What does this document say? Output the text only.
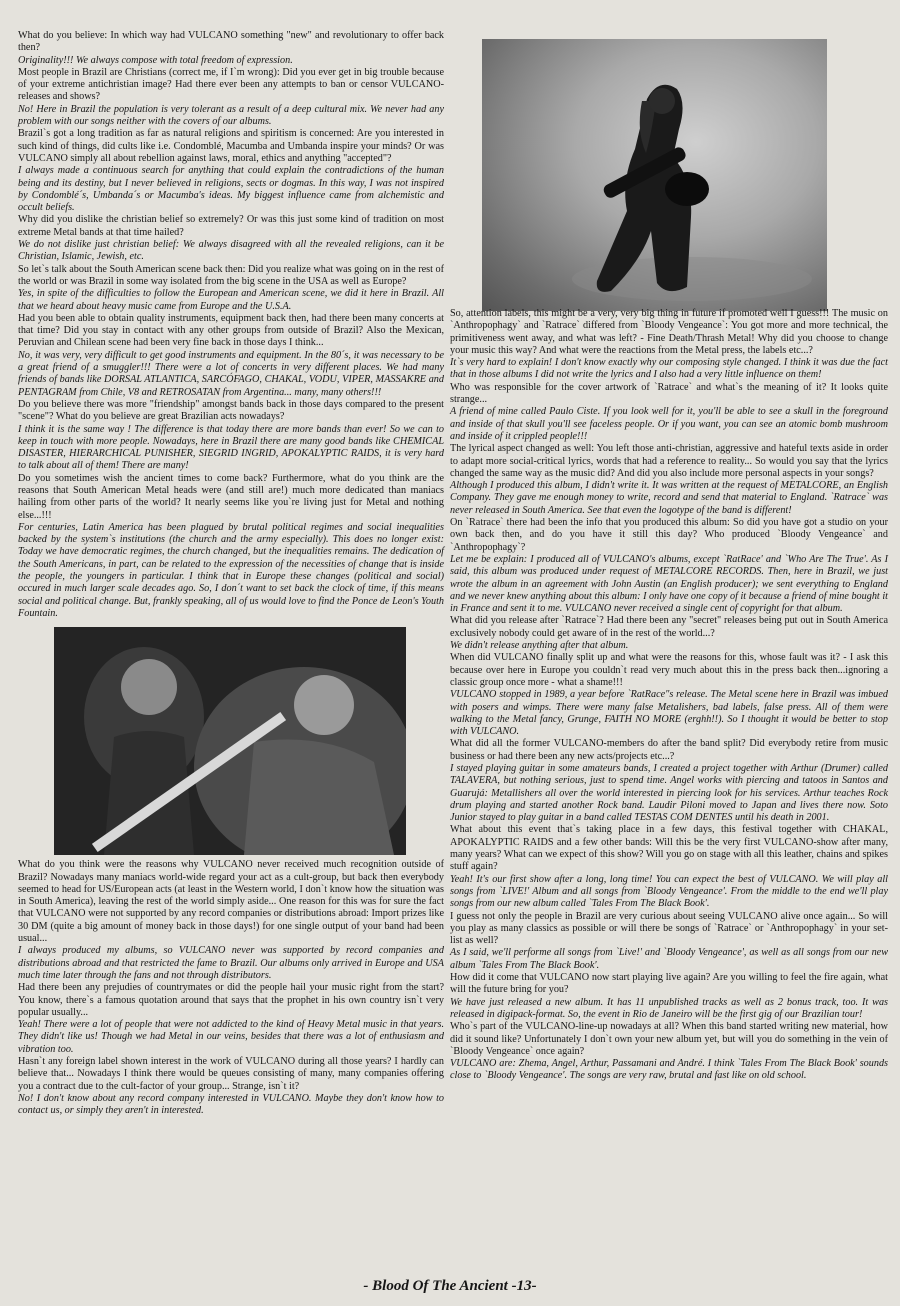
What do you believe: In which way had VULCANO something "new" and revolutionary to offer back then?

Originality!!! We always compose with total freedom of expression.

Most people in Brazil are Christians (correct me, if I`m wrong): Did you ever get in big trouble because of your extreme antichristian image? Had there ever been any attempts to ban or censor VULCANO-releases and shows?

No! Here in Brazil the population is very tolerant as a result of a deep cultural mix. We never had any problem with our songs neither with the covers of our albums.

Brazil`s got a long tradition as far as natural religions and spiritism is concerned: Are you interested in such kind of things, did cults like i.e. Condomblé, Macumba and Umbanda inspire your minds? Or was VULCANO simply all about rebellion against laws, moral, ethics and anything "accepted"?

I always made a continuous search for anything that could explain the contradictions of the human being and its destiny, but I never believed in religions, sects or dogmas. In this way, I was not inspired by Condomblé´s, Umbanda´s or Macumba's ideas. My biggest influence came from alchemistic and occult beliefs.

Why did you dislike the christian belief so extremely? Or was this just some kind of tradition on most extreme Metal bands at that time hailed?

We do not dislike just christian belief: We always disagreed with all the revealed religions, can it be Christian, Islamic, Jewish, etc.

So let`s talk about the South American scene back then: Did you realize what was going on in the rest of the world or was Brazil in some way isolated from the big scene in the USA as well as Europe?

Yes, in spite of the difficulties to follow the European and American scene, we did it here in Brazil. All that we heard about heavy music came from Europe and the U.S.A.

Had you been able to obtain quality instruments, equipment back then, had there been many concerts at that time? Did you stay in contact with any other groups from outside of Brazil? Also the Mexican, Peruvian and Chilean scene had been very fine back in those days I think...

No, it was very, very difficult to get good instruments and equipment. In the 80´s, it was necessary to be a great friend of a smuggler!!! There were a lot of concerts in very different places. We had many friends of bands like DORSAL ATLANTICA, SARCÓFAGO, CHAKAL, VODU, VIPER, MASSAKRE and PENTAGRAM from Chile, V8 and RETROSATAN from Argentina... many, many others!!!

Do you believe there was more "friendship" amongst bands back in those days compared to the present "scene"? What do you believe are great Brazilian acts nowadays?

I think it is the same way ! The difference is that today there are more bands than ever! So we can to keep in touch with more people. Nowadays, here in Brazil there are many good bands like CHEMICAL DISASTER, HIERARCHICAL PUNISHER, SIEGRID INGRID, APOKALYPTIC RAIDS, it is very hard to talk about all of them! There are many!

Do you sometimes wish the ancient times to come back? Furthermore, what do you think are the reasons that South American Metal heads were (and still are!) much more dedicated than maniacs hailing from other parts of the world? It nearly seems like you`re living just for Metal and nothing else...!!!

For centuries, Latin America has been plagued by brutal political regimes and social inequalities backed by the system`s institutions (the church and the army especially). This does no longer exist: Today we have democratic regimes, the church changed, but the inequalities remains. The dedication of the South Americans, in part, can be related to the expression of the necessities of change that is inside the people, the youngers in particular. I think that in Europe these changes (political and social) occured in much larger scale decades ago. So, I don´t want to set back the clock of time, if this means social and political change. But, frankly speaking, all of us would love to find the Ponce de Leon's Youth Fountain.

What do you think were the reasons why VULCANO never received much recognition outside of Brazil? Nowadays many maniacs world-wide regard your act as a cult-group, but back then everybody seemed to head for US/European acts (at least in the Western world, I don`t know how the situation was in South America), leaving the rest of the world simply aside... One reason for this was for sure the fact that VULCANO were not supported by any record companies or distributions abroad: Import prizes like 30 DM (quite a big amount of money back in those days!) for one single output of your band had been usual...

I always produced my albums, so VULCANO never was supported by record companies and distributions abroad and that restricted the fame to Brazil. Our albums only arrived in Europe and USA much time later through the fans and not through distributors.

Had there been any prejudies of countrymates or did the people hail your music right from the start? You know, there`s a famous quotation around that says that the prophet in his own country isn`t very popular usually...

Yeah! There were a lot of people that were not addicted to the kind of Heavy Metal music in that years. They didn't like us! Though we had Metal in our veins, besides that there was a lot of enthusiasm and vibration too.

Hasn`t any foreign label shown interest in the work of VULCANO during all those years? I hardly can believe that... Nowadays I think there would be queues consisting of many, many companies offering you a contract due to the cult-factor of your group... Strange, isn`t it?

No! I don't know about any record company interested in VULCANO. Maybe they don't know how to contact us, or simply they aren't in interested.

So, attention labels, this might be a very, very big thing in future if promoted well I guess!!! The music on `Anthropophagy` and `Ratrace` differed from `Bloody Vengeance`: You got more and more technical, the primitiveness went away, and what was left? - Fine Death/Thrash Metal! Why did you choose to change your music this way? And what were the reactions from the Metal press, the labels etc...?

It`s very hard to explain! I don't know exactly why our composing style changed. I think it was due the fact that in those albums I did not write the lyrics and I also had a very little influence on them!

Who was responsible for the cover artwork of `Ratrace` and what`s the meaning of it? It looks quite strange...

A friend of mine called Paulo Ciste. If you look well for it, you'll be able to see a skull in the foreground and inside of that skull you'll see faceless people. Or if you want, you can see an atomic bomb mushroom and inside of it crippled people!!!

The lyrical aspect changed as well: You left those anti-christian, aggressive and hateful texts aside in order to adapt more social-critical lyrics, words that had a reference to reality... So would you say that the lyrics changed the same way as the music did? And did you also include more personal aspects in your songs?

Although I produced this album, I didn't write it. It was written at the request of METALCORE, an English Company. They gave me enough money to write, record and send that material to England. `Ratrace` was never released in South America. See that even the logotype of the band is different!

On `Ratrace` there had been the info that you produced this album: So did you have got a studio on your own back then, and do you have it still this day? Who produced `Bloody Vengeance` and `Anthropophagy`?

Let me be explain: I produced all of VULCANO's albums, except `RatRace' and `Who Are The True'. As I said, this album was produced under request of METALCORE RECORDS. Then, here in Brazil, we just wrote the album in an agreement with John Austin (an English producer); we sent everything to England and we never knew anything about this album: I only have one copy of it because a friend of mine bought it in France and sent it to me. VULCANO never received a single cent of copyright for that album.

What did you release after `Ratrace`? Had there been any "secret" releases being put out in South America exclusively nobody could get aware of in the rest of the world...?

We didn't release anything after that album.

When did VULCANO finally split up and what were the reasons for this, whose fault was it? - I ask this because over here in Europe you couldn`t read very much about this in the press back then...ignoring a classic group once more - what a shame!!!

VULCANO stopped in 1989, a year before `RatRace"s release. The Metal scene here in Brazil was imbued with posers and wimps. There were many false Metalishers, bad labels, false press. All of them were walking to the Metal fancy, Grunge, FAITH NO MORE (erghh!!). So I thought it would be better to stop with VULCANO.

What did all the former VULCANO-members do after the band split? Did everybody retire from music business or had there been any new acts/projects etc...?

I stayed playing guitar in some amateurs bands, I created a project together with Arthur (Drumer) called TALAVERA, but nothing serious, just to spend time. Angel works with piercing and tatoos in Santos and Guarujá: Metallishers all over the world interested in piercing look for his services. Arthur teaches Rock drum playing and started another Rock band. Laudir Piloni moved to Japan and lives there now. Soto Junior stayed to play guitar in a band called TESTAS COM DENTES until his death in 2001.

What about this event that`s taking place in a few days, this festival together with CHAKAL, APOKALYPTIC RAIDS and a few other bands: Will this be the very first VULCANO-show after many, many years? What can we expect of this show? Will you go on stage with all this leather, chains and spikes stuff again?

Yeah! It's our first show after a long, long time! You can expect the best of VULCANO. We will play all songs from `LIVE!' Album and all songs from `Bloody Vengeance'. From the middle to the end we'll play songs from our new album called `Tales From The Black Book'.

I guess not only the people in Brazil are very curious about seeing VULCANO alive once again... So will you play as many classics as possible or will there be songs of `Ratrace` or `Anthropophagy` in your set-list as well?

As I said, we'll performe all songs from `Live!' and `Bloody Vengeance', as well as all songs from our new album `Tales From The Black Book'.

How did it come that VULCANO now start playing live again? Are you willing to feel the fire again, what will the future bring for you?

We have just released a new album. It has 11 unpublished tracks as well as 2 bonus track, too. It was released in digipack-format. So, the event in Rio de Janeiro will be the first gig of our Brazilian tour!

Who`s part of the VULCANO-line-up nowadays at all? When this band started writing new material, how did it sound like? Unfortunately I don`t own your new album yet, but will you do something in the vein of `Bloody Vengeance` once again?

VULCANO are: Zhema, Angel, Arthur, Passamani and André. I think `Tales From The Black Book' sounds close to `Bloody Vengeance'. The songs are very raw, brutal and fast like on old school.

- Blood Of The Ancient -13-
